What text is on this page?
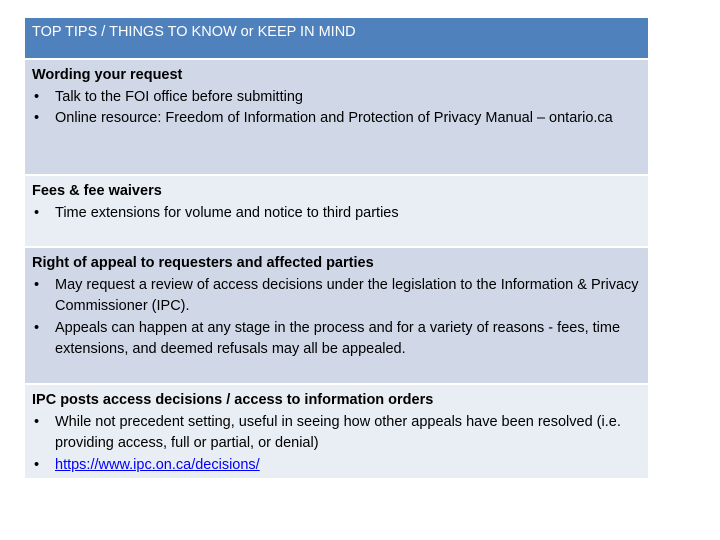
TOP TIPS / THINGS TO KNOW or KEEP IN MIND
Wording your request
• Talk to the FOI office before submitting
• Online resource: Freedom of Information and Protection of Privacy Manual – ontario.ca
Fees & fee waivers
• Time extensions for volume and notice to third parties
Right of appeal to requesters and affected parties
• May request a review of access decisions under the legislation to the Information & Privacy Commissioner (IPC).
• Appeals can happen at any stage in the process and for a variety of reasons - fees, time extensions, and deemed refusals may all be appealed.
IPC posts access decisions / access to information orders
• While not precedent setting, useful in seeing how other appeals have been resolved (i.e. providing access, full or partial, or denial)
• https://www.ipc.on.ca/decisions/
